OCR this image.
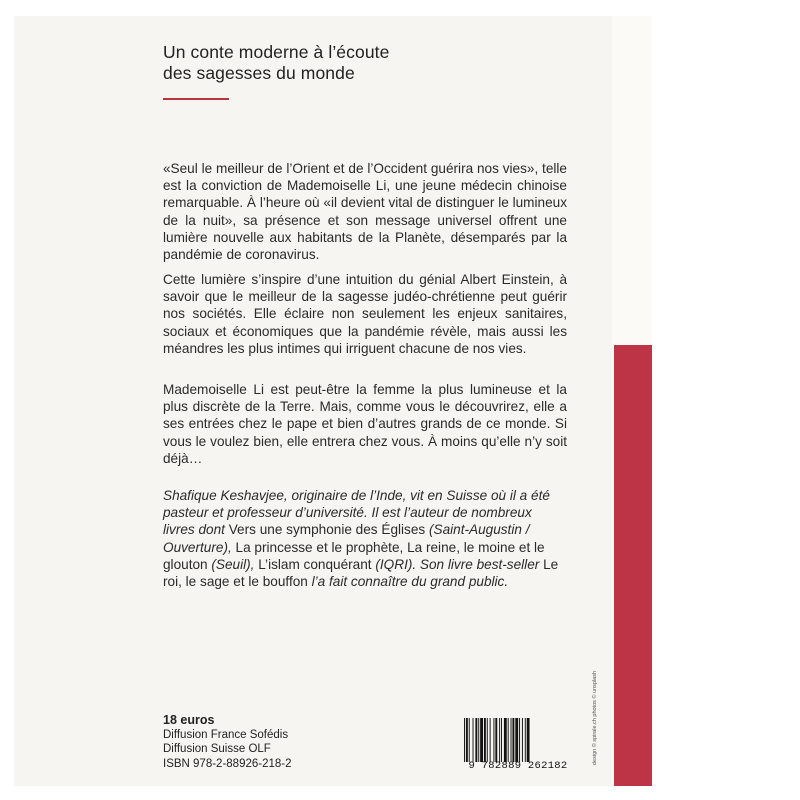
Un conte moderne à l’écoute
des sagesses du monde

«Seul le meilleur de l’Orient et de l’Occident guérira nos vies», telle est la conviction de Mademoiselle Li, une jeune médecin chinoise remarquable. À l’heure où «il devient vital de distinguer le lumineux de la nuit», sa présence et son message universel offrent une lumière nouvelle aux habitants de la Planète, désemparés par la pandémie de coronavirus.

Cette lumière s’inspire d’une intuition du génial Albert Einstein, à savoir que le meilleur de la sagesse judéo-chrétienne peut guérir nos sociétés. Elle éclaire non seulement les enjeux sanitaires, sociaux et économiques que la pandémie révèle, mais aussi les méandres les plus intimes qui irriguent chacune de nos vies.

Mademoiselle Li est peut-être la femme la plus lumineuse et la plus discrète de la Terre. Mais, comme vous le découvrirez, elle a ses entrées chez le pape et bien d’autres grands de ce monde. Si vous le voulez bien, elle entrera chez vous. À moins qu’elle n’y soit déjà…

Shafique Keshavjee, originaire de l’Inde, vit en Suisse où il a été pasteur et professeur d’université. Il est l’auteur de nombreux livres dont Vers une symphonie des Églises (Saint-Augustin / Ouverture), La princesse et le prophète, La reine, le moine et le glouton (Seuil), L’islam conquérant (IQRI). Son livre best-seller Le roi, le sage et le bouffon l’a fait connaître du grand public.

18 euros
Diffusion France Sofédis
Diffusion Suisse OLF
ISBN 978-2-88926-218-2	9 782889 262182
design © spirale.ch photos © unsplash
